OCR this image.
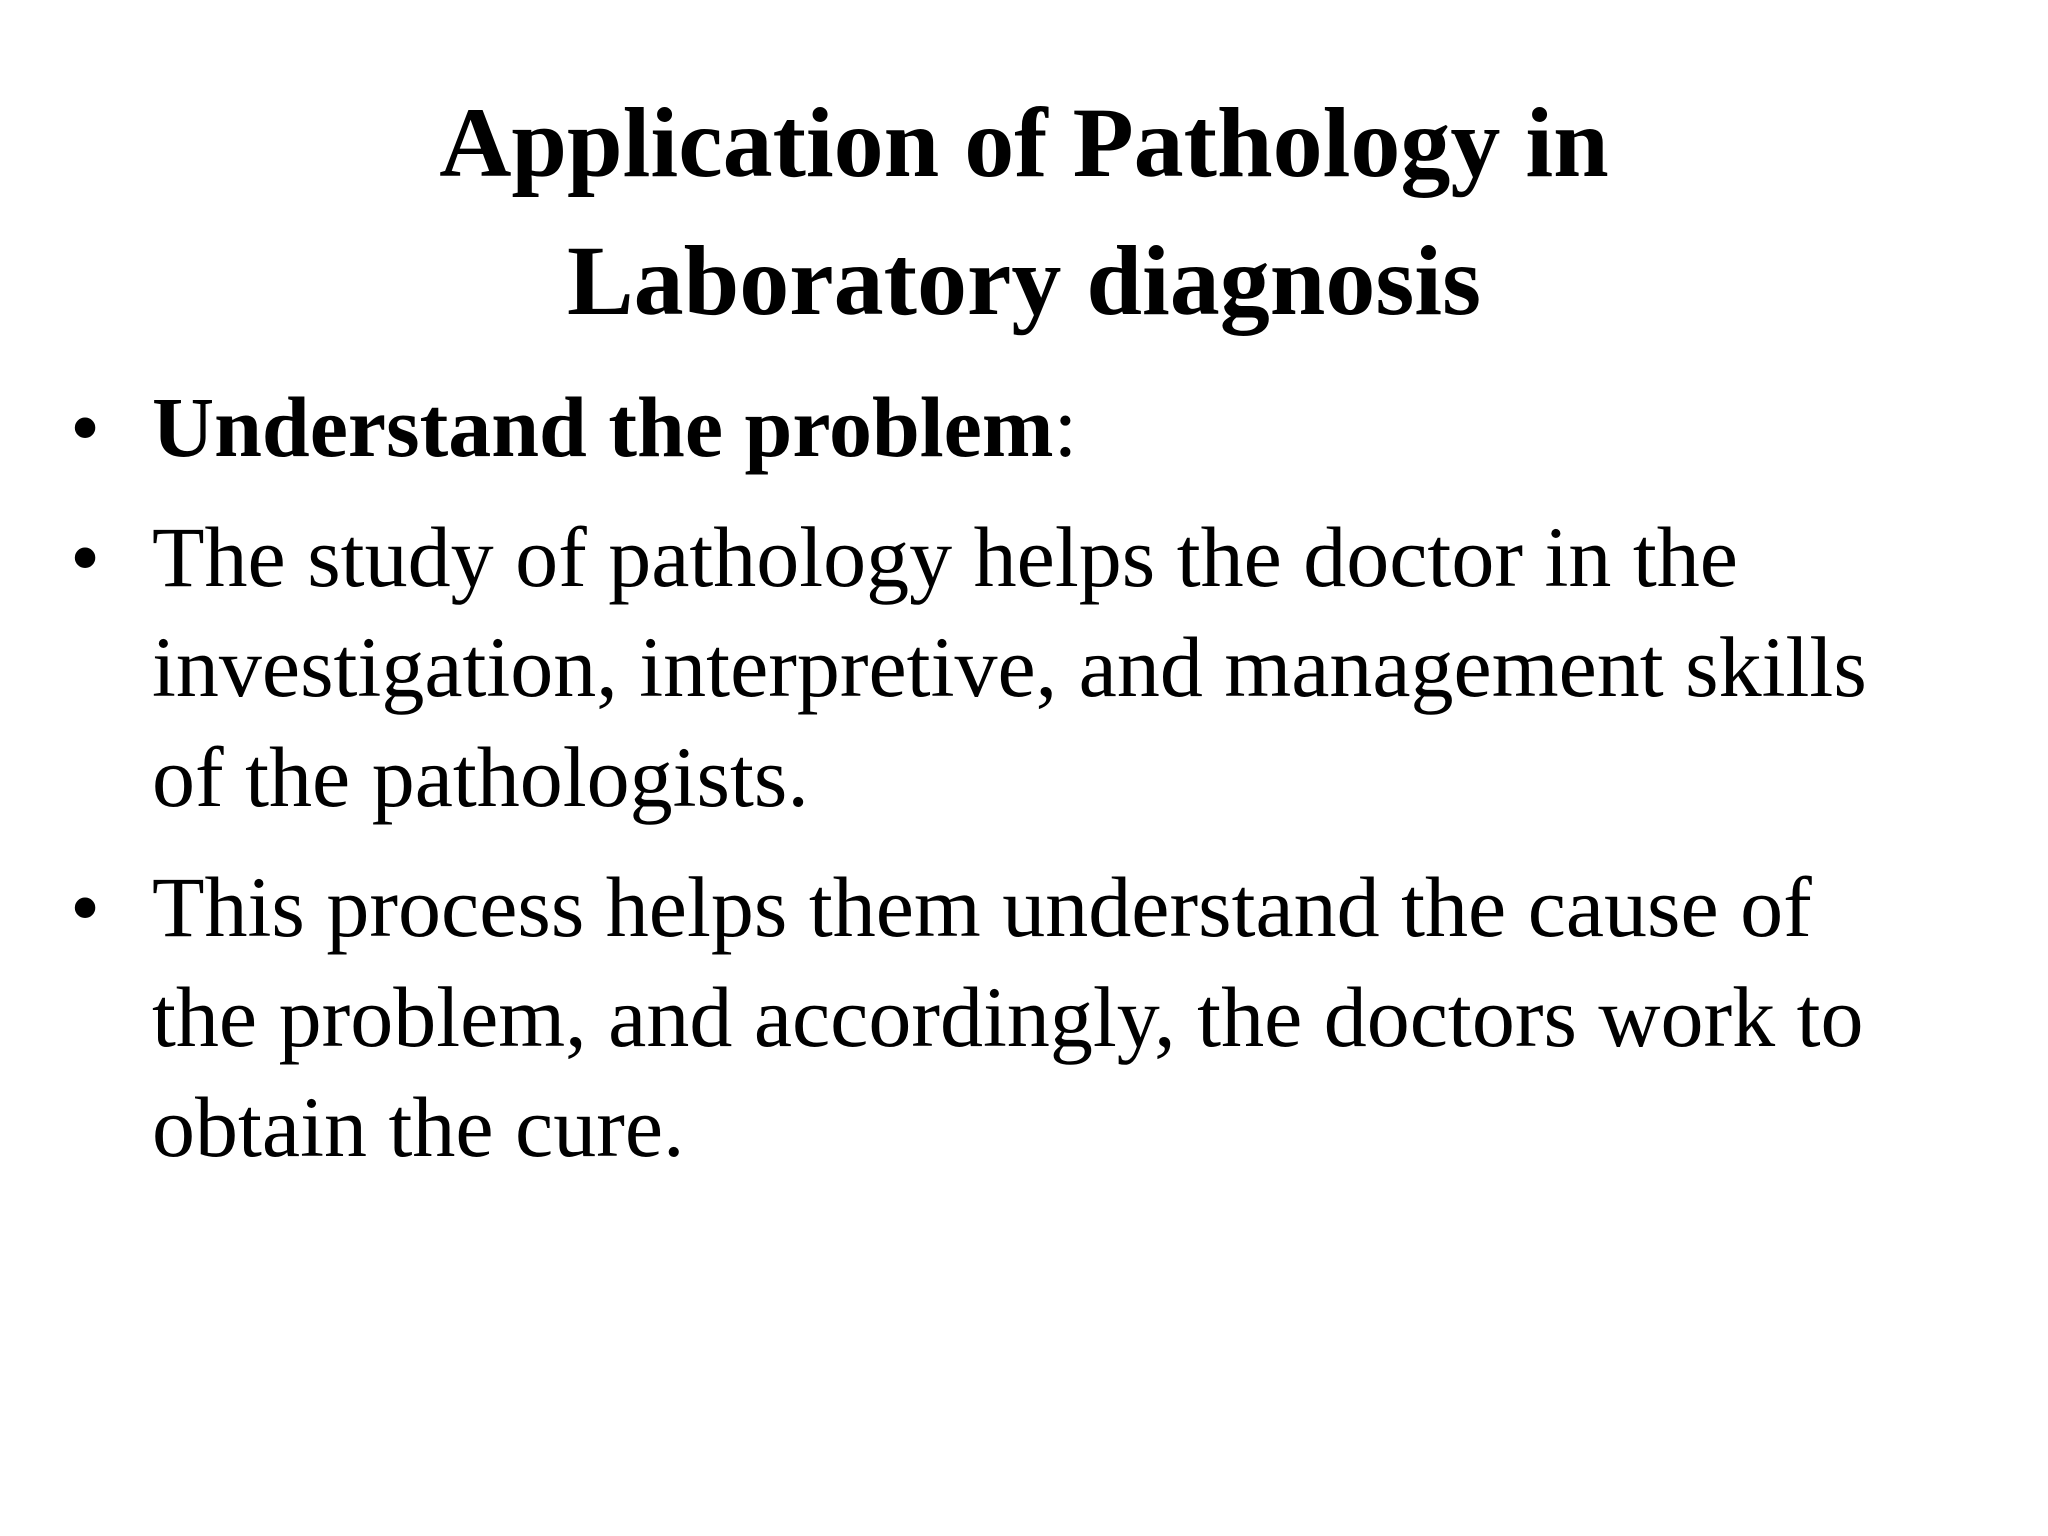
Application of Pathology in
Laboratory diagnosis
• Understand the problem:
• The study of pathology helps the doctor in the
investigation, interpretive, and management skills
of the pathologists.
• This process helps them understand the cause of
the problem, and accordingly, the doctors work to
obtain the cure.
